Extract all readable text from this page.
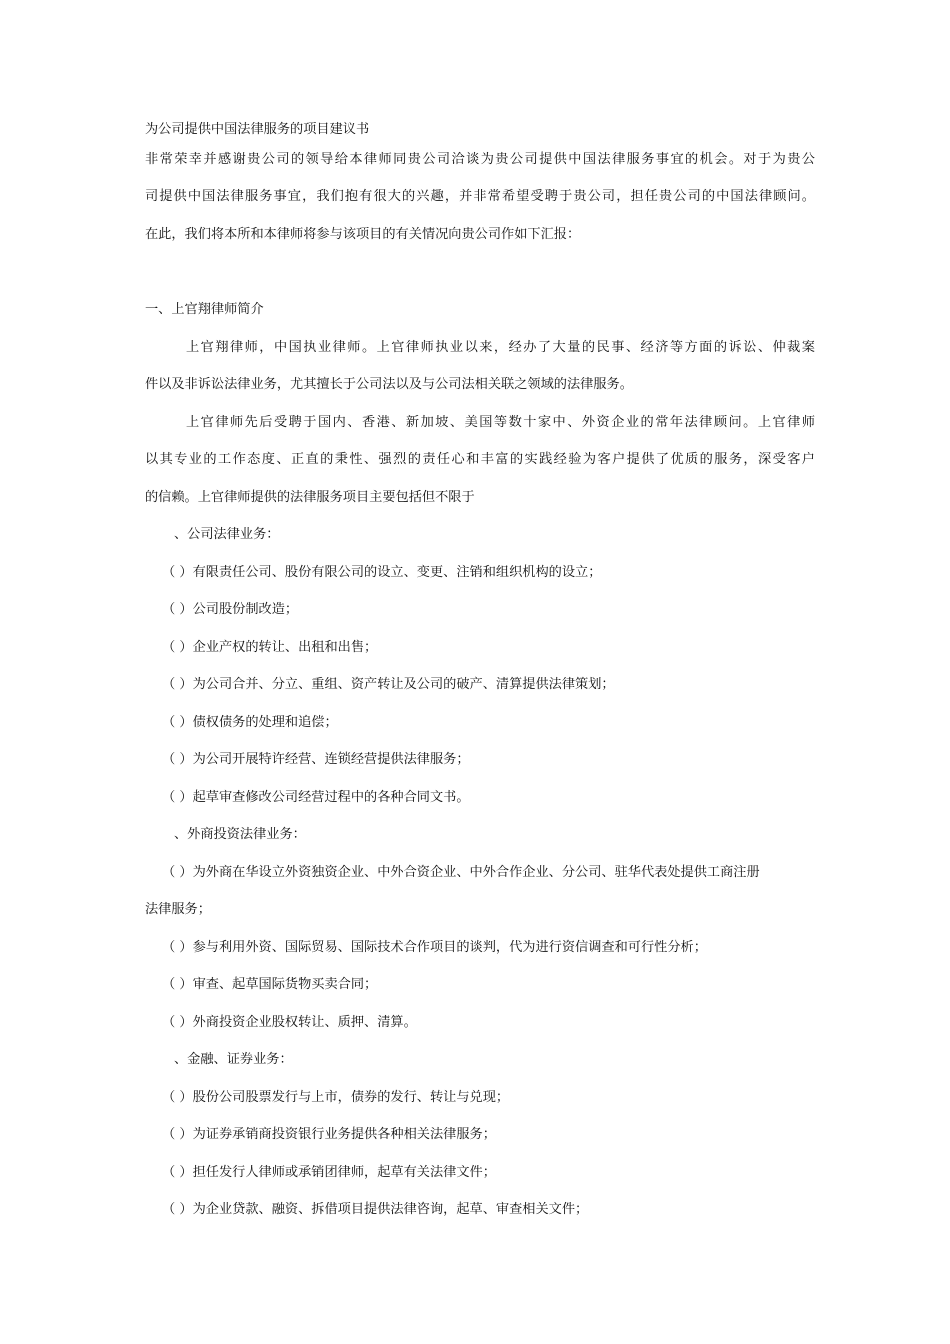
为公司提供中国法律服务的项目建议书
非常荣幸并感谢贵公司的领导给本律师同贵公司洽谈为贵公司提供中国法律服务事宜的机会。对于为贵公
司提供中国法律服务事宜，我们抱有很大的兴趣，并非常希望受聘于贵公司，担任贵公司的中国法律顾问。
在此，我们将本所和本律师将参与该项目的有关情况向贵公司作如下汇报：
一、上官翔律师简介
上官翔律师，中国执业律师。上官律师执业以来，经办了大量的民事、经济等方面的诉讼、仲裁案
件以及非诉讼法律业务，尤其擅长于公司法以及与公司法相关联之领域的法律服务。
上官律师先后受聘于国内、香港、新加坡、美国等数十家中、外资企业的常年法律顾问。上官律师
以其专业的工作态度、正直的秉性、强烈的责任心和丰富的实践经验为客户提供了优质的服务，深受客户
的信赖。上官律师提供的法律服务项目主要包括但不限于
、公司法律业务：
（ ）有限责任公司、股份有限公司的设立、变更、注销和组织机构的设立；
（ ）公司股份制改造；
（ ）企业产权的转让、出租和出售；
（ ）为公司合并、分立、重组、资产转让及公司的破产、清算提供法律策划；
（ ）债权债务的处理和追偿；
（ ）为公司开展特许经营、连锁经营提供法律服务；
（ ）起草审查修改公司经营过程中的各种合同文书。
、外商投资法律业务：
（ ）为外商在华设立外资独资企业、中外合资企业、中外合作企业、分公司、驻华代表处提供工商注册
法律服务；
（ ）参与利用外资、国际贸易、国际技术合作项目的谈判，代为进行资信调查和可行性分析；
（ ）审查、起草国际货物买卖合同；
（ ）外商投资企业股权转让、质押、清算。
、金融、证券业务：
（ ）股份公司股票发行与上市，债券的发行、转让与兑现；
（ ）为证券承销商投资银行业务提供各种相关法律服务；
（ ）担任发行人律师或承销团律师，起草有关法律文件；
（ ）为企业贷款、融资、拆借项目提供法律咨询，起草、审查相关文件；
